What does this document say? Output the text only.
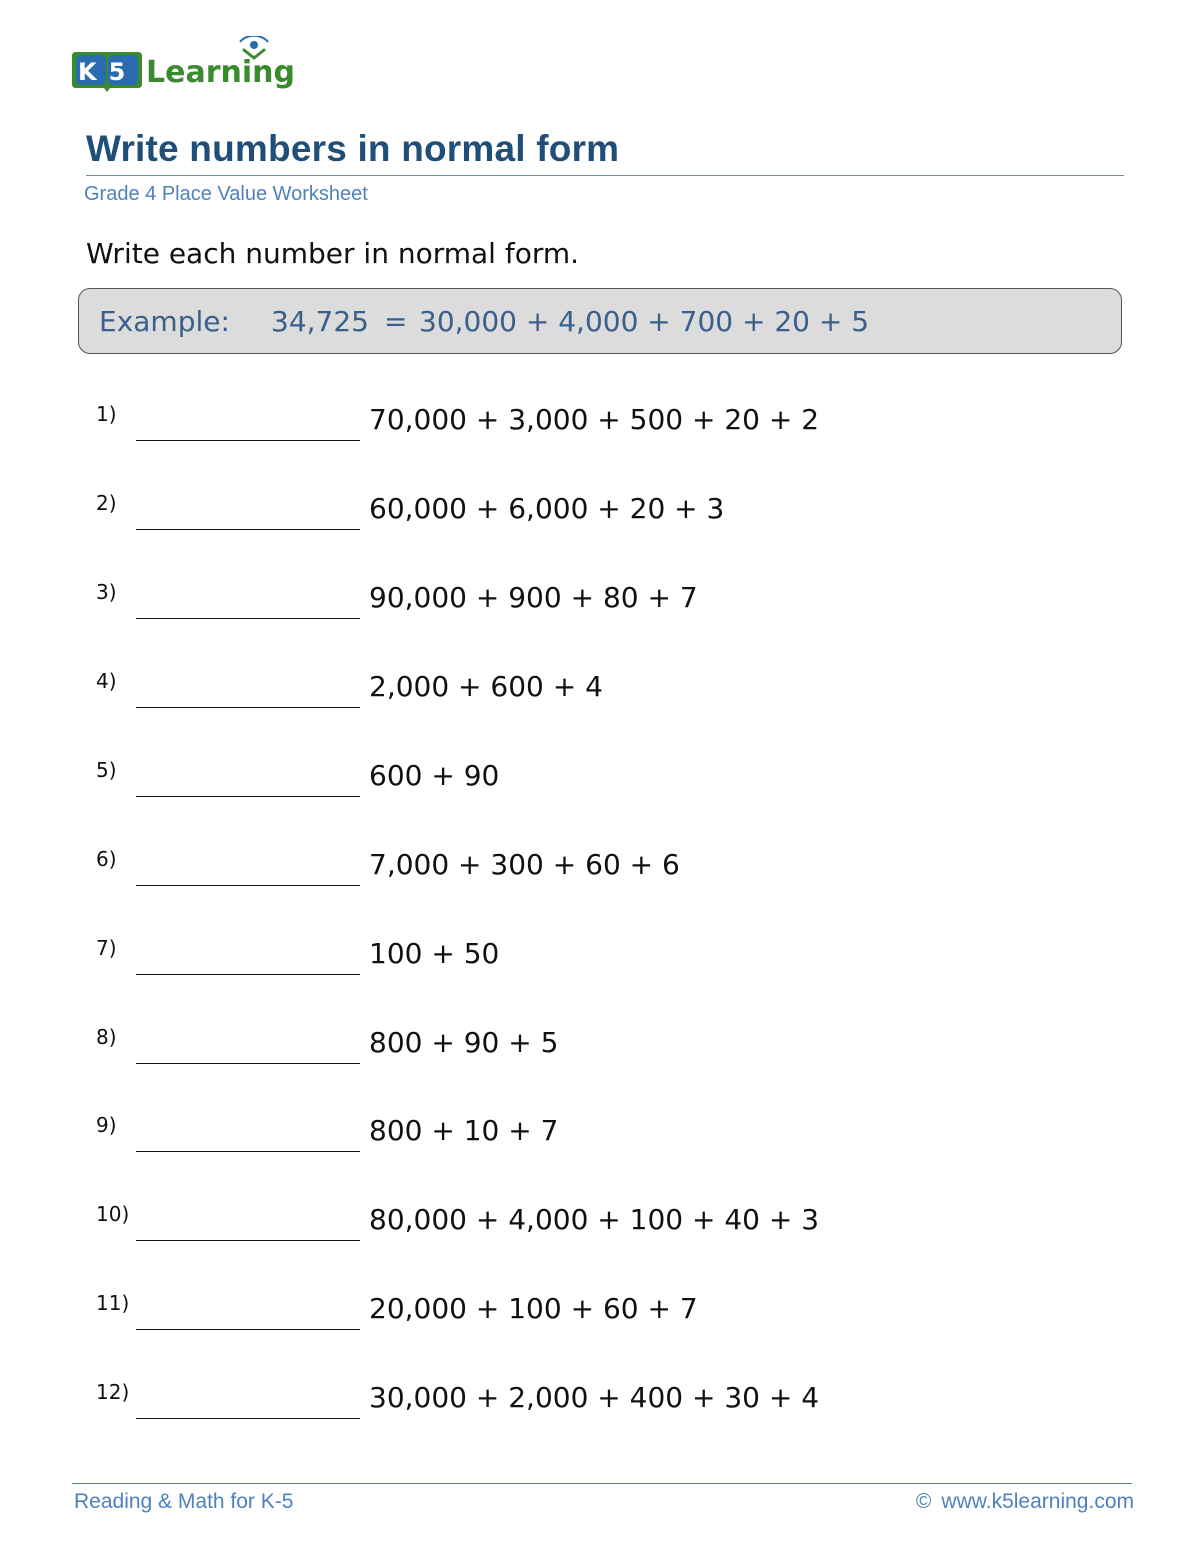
K5 Learning
Write numbers in normal form
Grade 4 Place Value Worksheet
Write each number in normal form.
Example: 34,725 = 30,000 + 4,000 + 700 + 20 + 5
1)	70,000 + 3,000 + 500 + 20 + 2
2)	60,000 + 6,000 + 20 + 3
3)	90,000 + 900 + 80 + 7
4)	2,000 + 600 + 4
5)	600 + 90
6)	7,000 + 300 + 60 + 6
7)	100 + 50
8)	800 + 90 + 5
9)	800 + 10 + 7
10)	80,000 + 4,000 + 100 + 40 + 3
11)	20,000 + 100 + 60 + 7
12)	30,000 + 2,000 + 400 + 30 + 4
Reading & Math for K-5	© www.k5learning.com
